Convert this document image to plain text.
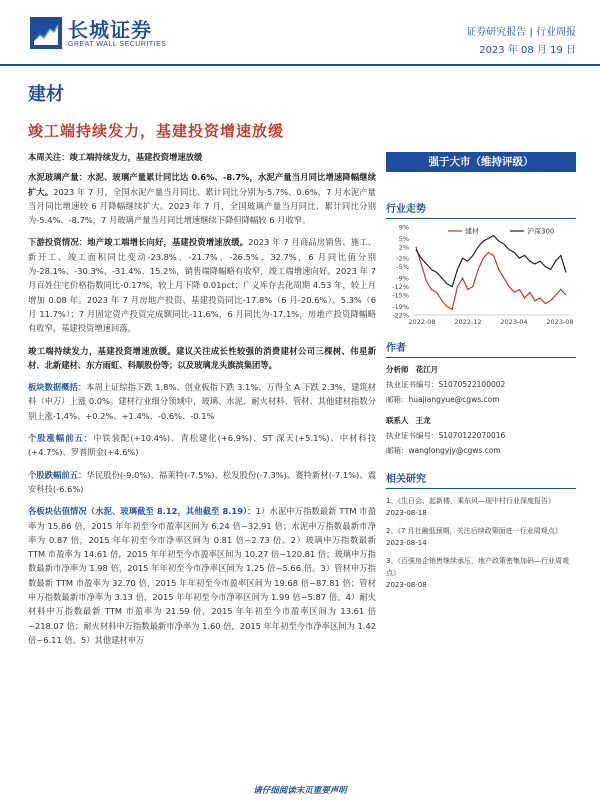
长城证券
GREAT WALL SECURITIES
证券研究报告 | 行业周报
2023 年 08 月 19 日
建材
竣工端持续发力，基建投资增速放缓

本周关注：竣工端持续发力，基建投资增速放缓

水泥玻璃产量：水泥、玻璃产量累计同比达 0.6%、-8.7%，水泥产量当月同比增速降幅继续扩大。2023 年 7 月，全国水泥产量当月同比、累计同比分别为-5.7%、0.6%，7 月水泥产量当月同比增速较 6 月降幅继续扩大。2023 年 7 月，全国玻璃产量当月同比、累计同比分别为-5.4%、-8.7%，7 月玻璃产量当月同比增速继续下降但降幅较 6 月收窄。

下游投资情况：地产竣工端增长向好，基建投资增速放缓。2023 年 7 月商品房销售、施工、新开工、竣工面积同比变动-23.8%、-21.7%、-26.5%、32.7%，6 月同比值分别为-28.1%、-30.3%、-31.4%、15.2%，销售端降幅略有收窄，竣工端增速向好。2023 年 7 月百姓住宅价格指数同比-0.17%，较上月下降 0.01pct；广义库存去化周期 4.53 年，较上月增加 0.08 年。2023 年 7 月房地产投资、基建投资同比-17.8%（6 月-20.6%）、5.3%（6 月 11.7%）；7 月固定资产投资完成额同比-11.6%，6 月同比为-17.1%，房地产投资降幅略有收窄，基建投资增速回落。

竣工端持续发力，基建投资增速放缓。建议关注成长性较强的消费建材公司三棵树、伟星新材、北新建材、东方雨虹、科顺股份等；以及玻璃龙头旗滨集团等。

板块数据概括：本周上证综指下跌 1.8%、创业板指下跌 3.1%、万得全 A 下跌 2.3%，建筑材料（申万）上涨 0.0%。建材行业细分领域中，玻璃、水泥、耐火材料、管材、其他建材指数分别上涨-1.4%、+0.2%、+1.4%、-0.6%、-0.1%

个股涨幅前五：中铁装配(+10.4%)、青松建化(+6.9%)、ST 深天(+5.1%)、中材科技(+4.7%)、罗普斯金(+4.6%)

个股跌幅前五：华民股份(-9.0%)、福莱特(-7.5%)、松发股份(-7.3%)、赛特新材(-7.1%)、震安科技(-6.6%)

各板块估值情况（水泥、玻璃截至 8.12，其他截至 8.19）：1）水泥申万指数最新 TTM 市盈率为 15.86 倍，2015 年年初至今市盈率区间为 6.24 倍~32.91 倍；水泥申万指数最新市净率为 0.87 倍，2015 年年初至今市净率区间为 0.81 倍~2.73 倍。2）玻璃申万指数最新 TTM 市盈率为 14.61 倍，2015 年年初至今市盈率区间为 10.27 倍~120.81 倍；玻璃申万指数最新市净率为 1.98 倍，2015 年年初至今市净率区间为 1.25 倍~5.66 倍。3）管材申万指数最新 TTM 市盈率为 32.70 倍，2015 年年初至今市盈率区间为 19.68 倍~87.81 倍；管材申万指数最新市净率为 3.13 倍，2015 年年初至今市净率区间为 1.99 倍~5.87 倍。4）耐火材料申万指数最新 TTM 市盈率为 21.59 倍，2015 年年初至今市盈率区间为 13.61 倍~218.07 倍；耐火材料申万指数最新市净率为 1.60 倍，2015 年年初至今市净率区间为 1.42 倍~6.11 倍。5）其他建材申万

强于大市（维持评级）
行业走势
9%
5%
2%
-2%
-5%
-9%
-12%
-15%
-19%
-22%
2022-08	2022-12	2023-04	2023-08
建材	沪深300
作者
分析师 花江月
执业证书编号：S1070522100002
邮箱：huajiangyue@cgws.com
联系人 王龙
执业证书编号：S1070122070016
邮箱：wanglongyjy@cgws.com
相关研究
1、《生日会、起新楼，乘东风—现中村行业深度报告》
2023-08-18
2、《7 月社融低预期，关注后续政策面进一行业周观点》
2023-08-14
3、《百强房企销售继续承压，地产政策密集加码—行业周观点》
2023-08-08
请仔细阅读末页重要声明
